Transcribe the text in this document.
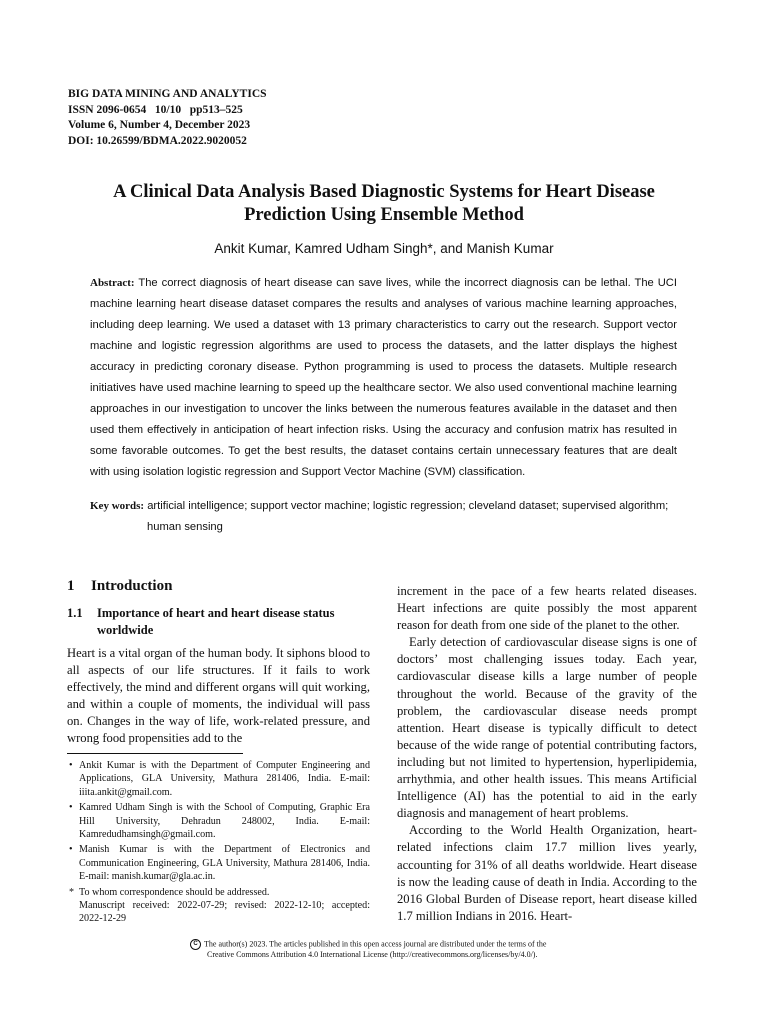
BIG DATA MINING AND ANALYTICS
ISSN 2096-0654   10/10   pp513–525
Volume 6, Number 4, December 2023
DOI: 10.26599/BDMA.2022.9020052
A Clinical Data Analysis Based Diagnostic Systems for Heart Disease
Prediction Using Ensemble Method
Ankit Kumar, Kamred Udham Singh*, and Manish Kumar
Abstract: The correct diagnosis of heart disease can save lives, while the incorrect diagnosis can be lethal. The UCI machine learning heart disease dataset compares the results and analyses of various machine learning approaches, including deep learning. We used a dataset with 13 primary characteristics to carry out the research. Support vector machine and logistic regression algorithms are used to process the datasets, and the latter displays the highest accuracy in predicting coronary disease. Python programming is used to process the datasets. Multiple research initiatives have used machine learning to speed up the healthcare sector. We also used conventional machine learning approaches in our investigation to uncover the links between the numerous features available in the dataset and then used them effectively in anticipation of heart infection risks. Using the accuracy and confusion matrix has resulted in some favorable outcomes. To get the best results, the dataset contains certain unnecessary features that are dealt with using isolation logistic regression and Support Vector Machine (SVM) classification.
Key words: artificial intelligence; support vector machine; logistic regression; cleveland dataset; supervised algorithm;
human sensing
1 Introduction
1.1 Importance of heart and heart disease status worldwide

Heart is a vital organ of the human body. It siphons blood to all aspects of our life structures. If it fails to work effectively, the mind and different organs will quit working, and within a couple of moments, the individual will pass on. Changes in the way of life, work-related pressure, and wrong food propensities add to the

• Ankit Kumar is with the Department of Computer Engineering and Applications, GLA University, Mathura 281406, India. E-mail: iiita.ankit@gmail.com.
• Kamred Udham Singh is with the School of Computing, Graphic Era Hill University, Dehradun 248002, India. E-mail: Kamredudhamsingh@gmail.com.
• Manish Kumar is with the Department of Electronics and Communication Engineering, GLA University, Mathura 281406, India. E-mail: manish.kumar@gla.ac.in.
* To whom correspondence should be addressed.
Manuscript received: 2022-07-29; revised: 2022-12-10; accepted: 2022-12-29

increment in the pace of a few hearts related diseases. Heart infections are quite possibly the most apparent reason for death from one side of the planet to the other.

Early detection of cardiovascular disease signs is one of doctors’ most challenging issues today. Each year, cardiovascular disease kills a large number of people throughout the world. Because of the gravity of the problem, the cardiovascular disease needs prompt attention. Heart disease is typically difficult to detect because of the wide range of potential contributing factors, including but not limited to hypertension, hyperlipidemia, arrhythmia, and other health issues. This means Artificial Intelligence (AI) has the potential to aid in the early diagnosis and management of heart problems.

According to the World Health Organization, heart-related infections claim 17.7 million lives yearly, accounting for 31% of all deaths worldwide. Heart disease is now the leading cause of death in India. According to the 2016 Global Burden of Disease report, heart disease killed 1.7 million Indians in 2016. Heart-

C The author(s) 2023. The articles published in this open access journal are distributed under the terms of the
Creative Commons Attribution 4.0 International License (http://creativecommons.org/licenses/by/4.0/).
